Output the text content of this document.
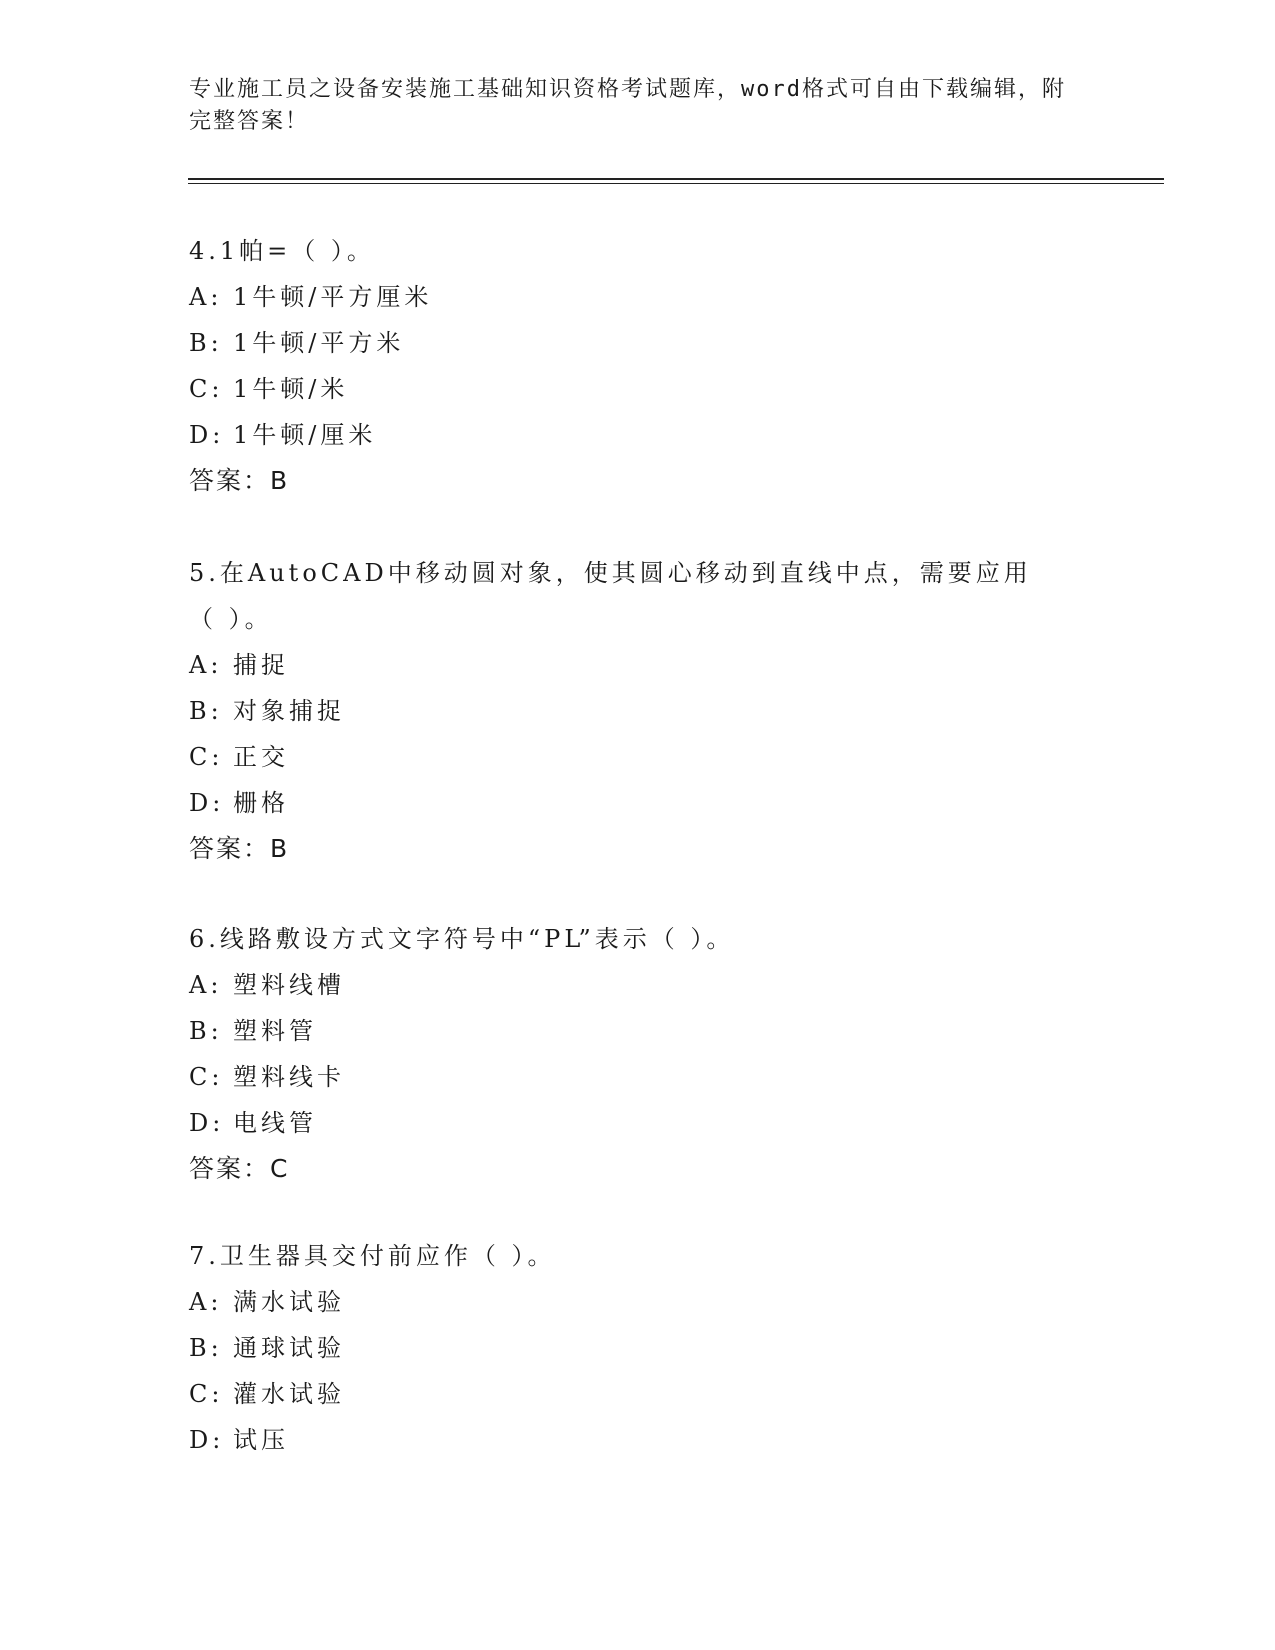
专业施工员之设备安装施工基础知识资格考试题库，word格式可自由下载编辑，附完整答案！
4.1帕=（ ）。
A: 1牛顿/平方厘米
B: 1牛顿/平方米
C: 1牛顿/米
D: 1牛顿/厘米
答案：B
5.在AutoCAD中移动圆对象，使其圆心移动到直线中点，需要应用（ ）。
A: 捕捉
B: 对象捕捉
C: 正交
D: 栅格
答案：B
6.线路敷设方式文字符号中“PL”表示（ ）。
A: 塑料线槽
B: 塑料管
C: 塑料线卡
D: 电线管
答案：C
7.卫生器具交付前应作（ ）。
A: 满水试验
B: 通球试验
C: 灌水试验
D: 试压
